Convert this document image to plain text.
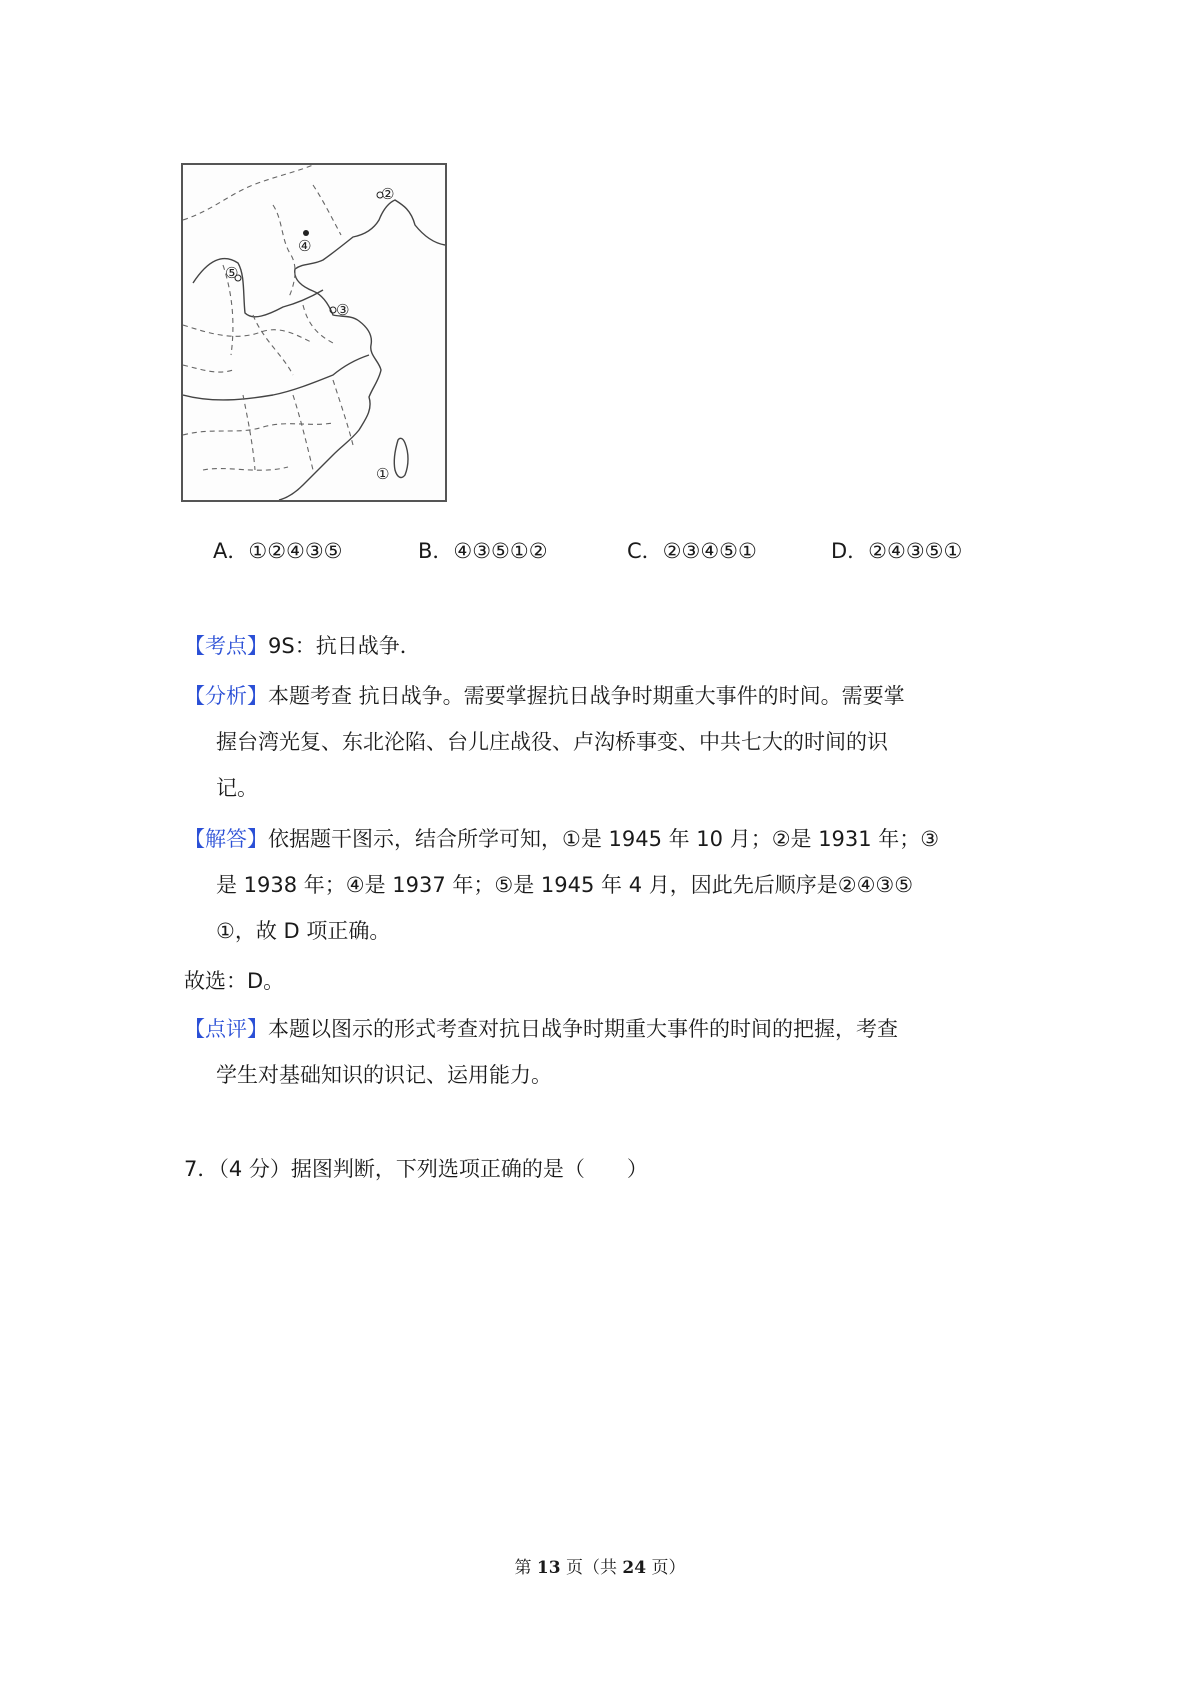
①
②
③
④
⑤
A．①②④③⑤	B．④③⑤①②	C．②③④⑤①	D．②④③⑤①
【考点】9S：抗日战争．
【分析】本题考查 抗日战争。需要掌握抗日战争时期重大事件的时间。需要掌
握台湾光复、东北沦陷、台儿庄战役、卢沟桥事变、中共七大的时间的识
记。
【解答】依据题干图示，结合所学可知，①是 1945 年 10 月；②是 1931 年；③
是 1938 年；④是 1937 年；⑤是 1945 年 4 月，因此先后顺序是②④③⑤
①，故 D 项正确。
故选：D。
【点评】本题以图示的形式考查对抗日战争时期重大事件的时间的把握，考查
学生对基础知识的识记、运用能力。
7．（4 分）据图判断，下列选项正确的是（　　）
第 13 页（共 24 页）
